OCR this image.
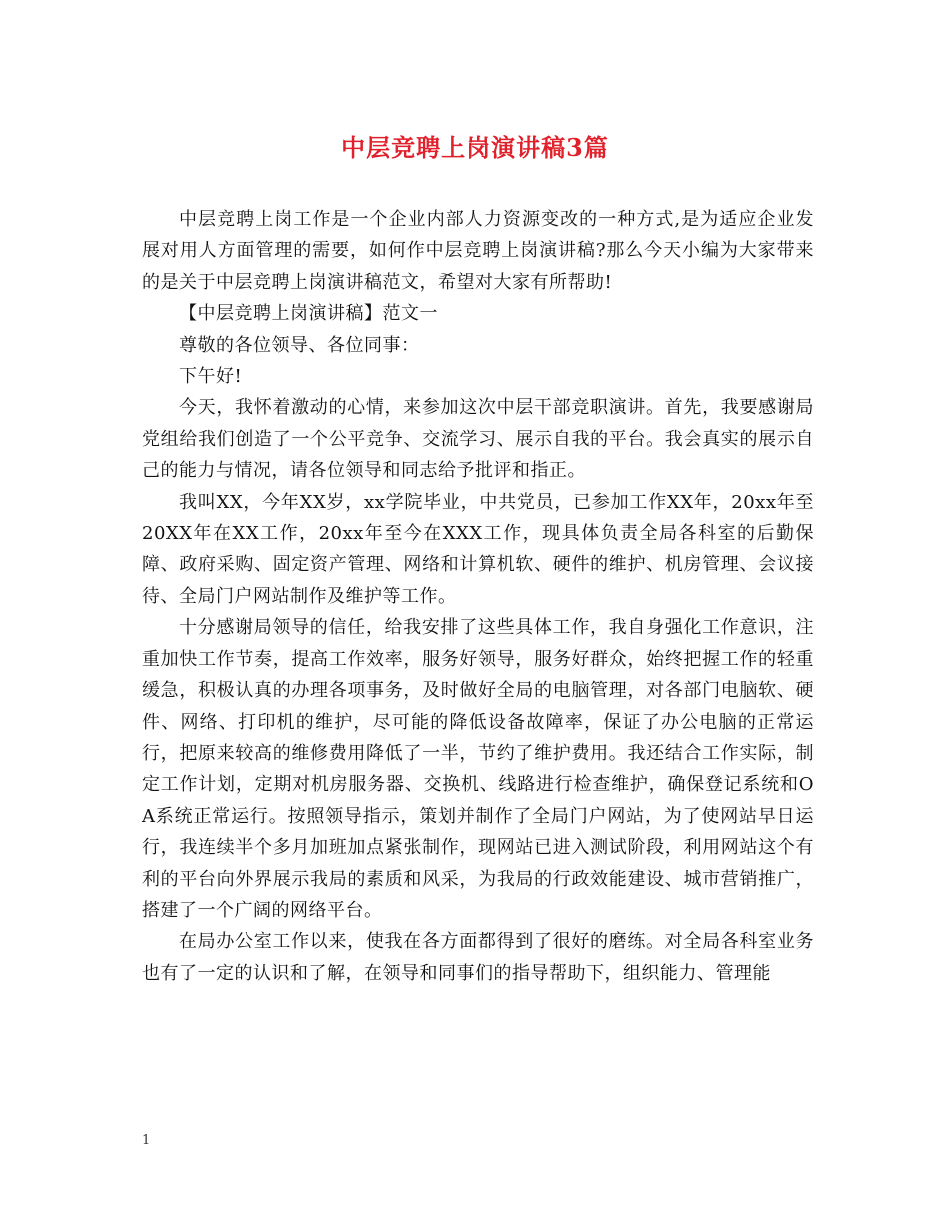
中层竞聘上岗演讲稿3篇

中层竞聘上岗工作是一个企业内部人力资源变改的一种方式,是为适应企业发展对用人方面管理的需要，如何作中层竞聘上岗演讲稿?那么今天小编为大家带来的是关于中层竞聘上岗演讲稿范文，希望对大家有所帮助!

【中层竞聘上岗演讲稿】范文一

尊敬的各位领导、各位同事：

下午好!

今天，我怀着激动的心情，来参加这次中层干部竞职演讲。首先，我要感谢局党组给我们创造了一个公平竞争、交流学习、展示自我的平台。我会真实的展示自己的能力与情况，请各位领导和同志给予批评和指正。

我叫XX，今年XX岁，xx学院毕业，中共党员，已参加工作XX年，20xx年至20XX年在XX工作，20xx年至今在XXX工作，现具体负责全局各科室的后勤保障、政府采购、固定资产管理、网络和计算机软、硬件的维护、机房管理、会议接待、全局门户网站制作及维护等工作。

十分感谢局领导的信任，给我安排了这些具体工作，我自身强化工作意识，注重加快工作节奏，提高工作效率，服务好领导，服务好群众，始终把握工作的轻重缓急，积极认真的办理各项事务，及时做好全局的电脑管理，对各部门电脑软、硬件、网络、打印机的维护，尽可能的降低设备故障率，保证了办公电脑的正常运行，把原来较高的维修费用降低了一半，节约了维护费用。我还结合工作实际，制定工作计划，定期对机房服务器、交换机、线路进行检查维护，确保登记系统和OA系统正常运行。按照领导指示，策划并制作了全局门户网站，为了使网站早日运行，我连续半个多月加班加点紧张制作，现网站已进入测试阶段，利用网站这个有利的平台向外界展示我局的素质和风采，为我局的行政效能建设、城市营销推广，搭建了一个广阔的网络平台。

在局办公室工作以来，使我在各方面都得到了很好的磨练。对全局各科室业务也有了一定的认识和了解，在领导和同事们的指导帮助下，组织能力、管理能

1
